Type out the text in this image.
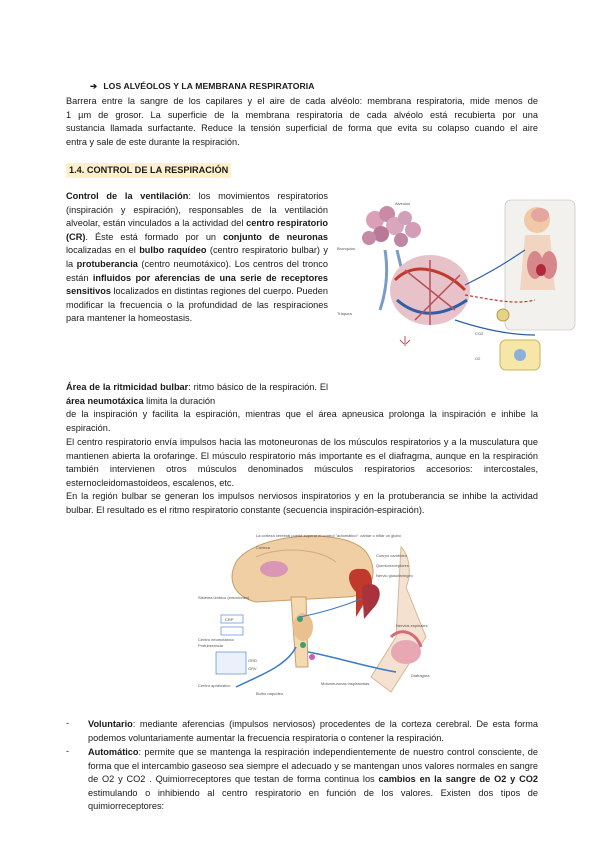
➔ LOS ALVÉOLOS Y LA MEMBRANA RESPIRATORIA
Barrera entre la sangre de los capilares y el aire de cada alvéolo: membrana respiratoria, mide menos de
1 µm de grosor. La superficie de la membrana respiratoria de cada alvéolo está recubierta por una
sustancia llamada surfactante. Reduce la tensión superficial de forma que evita su colapso cuando el aire
entra y sale de este durante la respiración.
1.4. CONTROL DE LA RESPIRACIÓN
Control de la ventilación: los movimientos respiratorios (inspiración y espiración), responsables de la ventilación alveolar, están vinculados a la actividad del centro respiratorio (CR). Éste está formado por un conjunto de neuronas localizadas en el bulbo raquídeo (centro respiratorio bulbar) y la protuberancia (centro neumotáxico). Los centros del tronco están influidos por aferencias de una serie de receptores sensitivos localizados en distintas regiones del cuerpo. Pueden modificar la frecuencia o la profundidad de las respiraciones para mantener la homeostasis.
Alvéolos
Bronquios
Tráquea
CO2
O2
Área de la ritmicidad bulbar: ritmo básico de la respiración. El área neumotáxica limita la duración
de la inspiración y facilita la espiración, mientras que el área apneusica prolonga la inspiración e inhibe la
espiración.
El centro respiratorio envía impulsos hacia las motoneuronas de los músculos respiratorios y a la musculatura que mantienen abierta la orofaringe. El músculo respiratorio más importante es el diafragma, aunque en la respiración también intervienen otros músculos denominados músculos respiratorios accesorios: intercostales, esternocleidomastoideos, escalenos, etc.
En la región bulbar se generan los impulsos nerviosos inspiratorios y en la protuberancia se inhibe la actividad bulbar. El resultado es el ritmo respiratorio constante (secuencia inspiración-espiración).
La corteza cerebral puede superar el control "automático": cantar o inflar un globo
Corteza
Sistema límbico (emociones)
CRP
Centro neumotáxico
Protuberancia
Centro apnéustico
GRD
GRV
Cuerpo carotídeo
Bulbo raquídeo
Quimiorreceptores
Nervio glosofaríngeo
Motoneuronas inspiratorias
Nervios espinales
Diafragma
- Voluntario: mediante aferencias (impulsos nerviosos) procedentes de la corteza cerebral. De esta forma podemos voluntariamente aumentar la frecuencia respiratoria o contener la respiración.
- Automático: permite que se mantenga la respiración independientemente de nuestro control consciente, de forma que el intercambio gaseoso sea siempre el adecuado y se mantengan unos valores normales en sangre de O2 y CO2 . Quimiorreceptores que testan de forma continua los cambios en la sangre de O2 y CO2 estimulando o inhibiendo al centro respiratorio en función de los valores. Existen dos tipos de quimiorreceptores:
